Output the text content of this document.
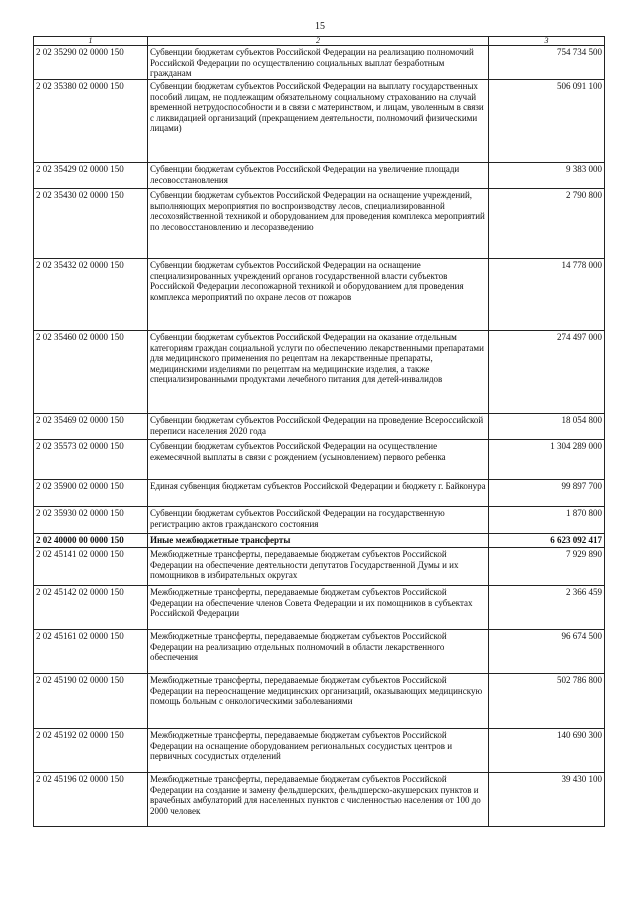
15
1	2	3
2 02 35290 02 0000 150	Субвенции бюджетам субъектов Российской Федерации на реализацию полномочий Российской Федерации по осуществлению социальных выплат безработным гражданам	754 734 500
2 02 35380 02 0000 150	Субвенции бюджетам субъектов Российской Федерации на выплату государственных пособий лицам, не подлежащим обязательному социальному страхованию на случай временной нетрудоспособности и в связи с материнством, и лицам, уволенным в связи с ликвидацией организаций (прекращением деятельности, полномочий физическими лицами)	506 091 100
2 02 35429 02 0000 150	Субвенции бюджетам субъектов Российской Федерации на увеличение площади лесовосстановления	9 383 000
2 02 35430 02 0000 150	Субвенции бюджетам субъектов Российской Федерации на оснащение учреждений, выполняющих мероприятия по воспроизводству лесов, специализированной лесохозяйственной техникой и оборудованием для проведения комплекса мероприятий по лесовосстановлению и лесоразведению	2 790 800
2 02 35432 02 0000 150	Субвенции бюджетам субъектов Российской Федерации на оснащение специализированных учреждений органов государственной власти субъектов Российской Федерации лесопожарной техникой и оборудованием для проведения комплекса мероприятий по охране лесов от пожаров	14 778 000
2 02 35460 02 0000 150	Субвенции бюджетам субъектов Российской Федерации на оказание отдельным категориям граждан социальной услуги по обеспечению лекарственными препаратами для медицинского применения по рецептам на лекарственные препараты, медицинскими изделиями по рецептам на медицинские изделия, а также специализированными продуктами лечебного питания для детей-инвалидов	274 497 000
2 02 35469 02 0000 150	Субвенции бюджетам субъектов Российской Федерации на проведение Всероссийской переписи населения 2020 года	18 054 800
2 02 35573 02 0000 150	Субвенции бюджетам субъектов Российской Федерации на осуществление ежемесячной выплаты в связи с рождением (усыновлением) первого ребенка	1 304 289 000
2 02 35900 02 0000 150	Единая субвенция бюджетам субъектов Российской Федерации и бюджету г. Байконура	99 897 700
2 02 35930 02 0000 150	Субвенции бюджетам субъектов Российской Федерации на государственную регистрацию актов гражданского состояния	1 870 800
2 02 40000 00 0000 150	Иные межбюджетные трансферты	6 623 092 417
2 02 45141 02 0000 150	Межбюджетные трансферты, передаваемые бюджетам субъектов Российской Федерации на обеспечение деятельности депутатов Государственной Думы и их помощников в избирательных округах	7 929 890
2 02 45142 02 0000 150	Межбюджетные трансферты, передаваемые бюджетам субъектов Российской Федерации на обеспечение членов Совета Федерации и их помощников в субъектах Российской Федерации	2 366 459
2 02 45161 02 0000 150	Межбюджетные трансферты, передаваемые бюджетам субъектов Российской Федерации на реализацию отдельных полномочий в области лекарственного обеспечения	96 674 500
2 02 45190 02 0000 150	Межбюджетные трансферты, передаваемые бюджетам субъектов Российской Федерации на переоснащение медицинских организаций, оказывающих медицинскую помощь больным с онкологическими заболеваниями	502 786 800
2 02 45192 02 0000 150	Межбюджетные трансферты, передаваемые бюджетам субъектов Российской Федерации на оснащение оборудованием региональных сосудистых центров и первичных сосудистых отделений	140 690 300
2 02 45196 02 0000 150	Межбюджетные трансферты, передаваемые бюджетам субъектов Российской Федерации на создание и замену фельдшерских, фельдшерско-акушерских пунктов и врачебных амбулаторий для населенных пунктов с численностью населения от 100 до 2000 человек	39 430 100
